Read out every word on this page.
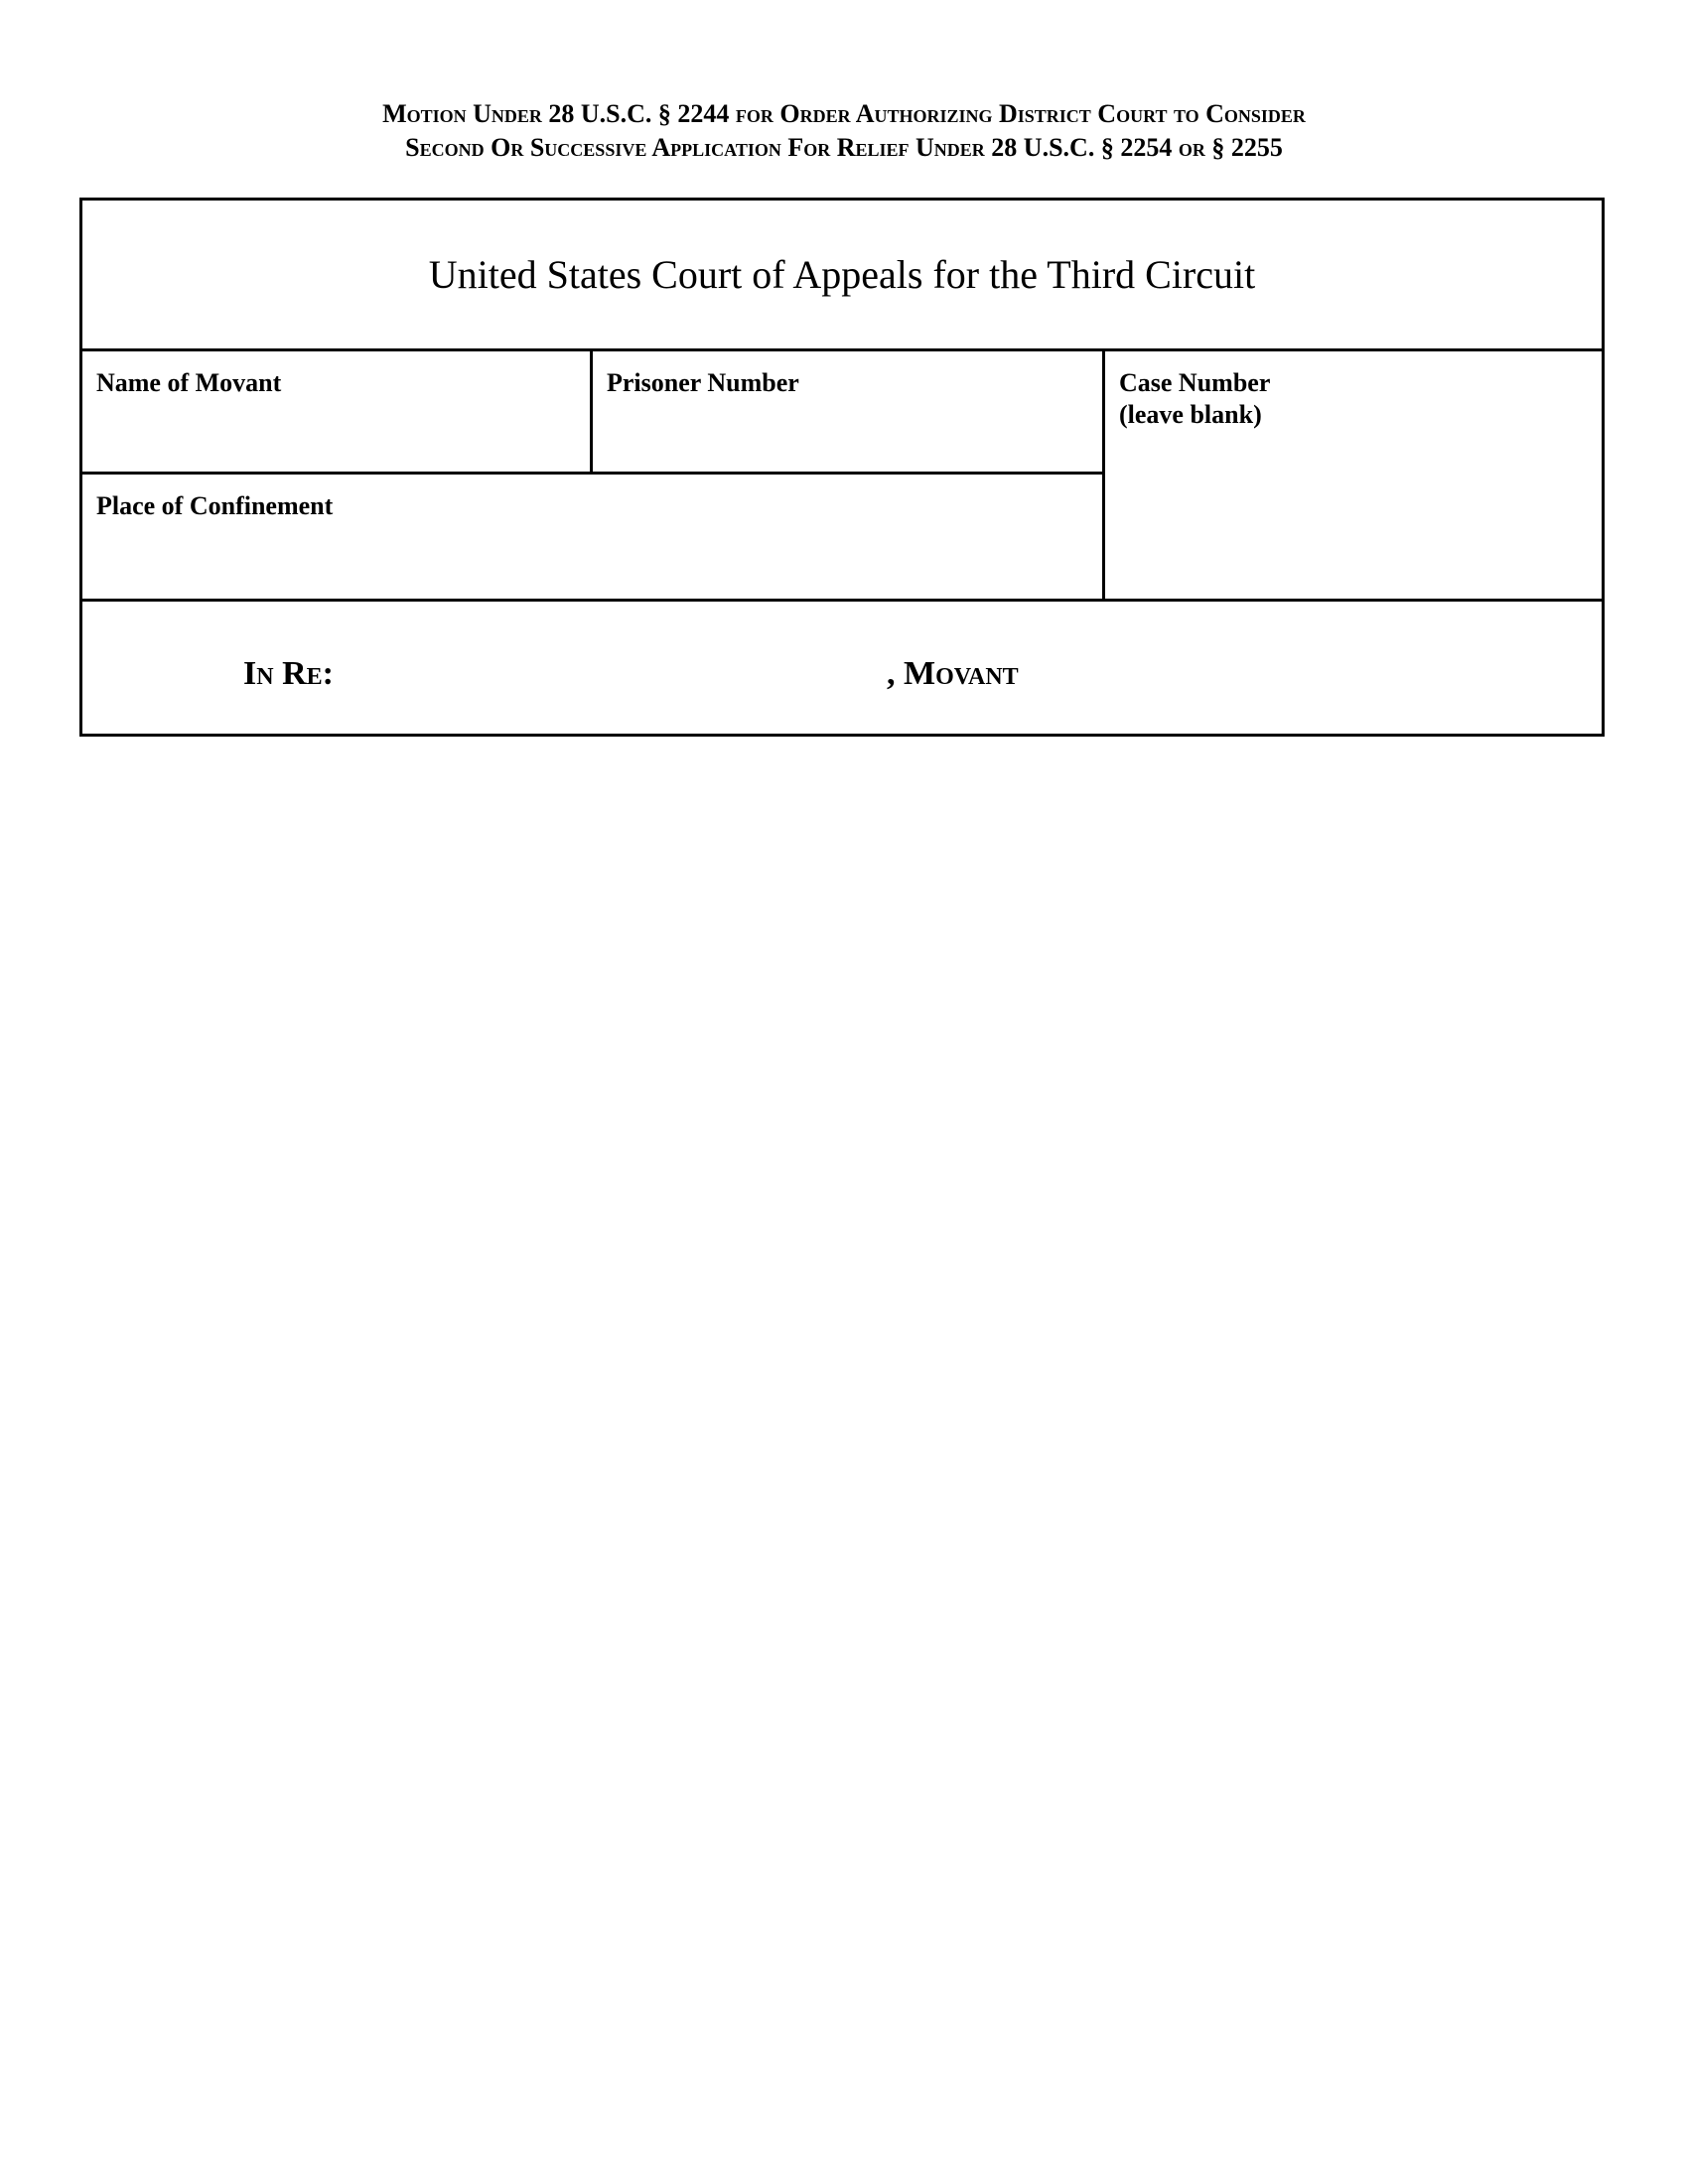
Motion Under 28 U.S.C. § 2244 for Order Authorizing District Court to Consider
Second Or Successive Application For Relief Under 28 U.S.C. § 2254 or § 2255
United States Court of Appeals for the Third Circuit
Name of Movant	Prisoner Number	Case Number
(leave blank)
Place of Confinement
In Re:	, Movant
